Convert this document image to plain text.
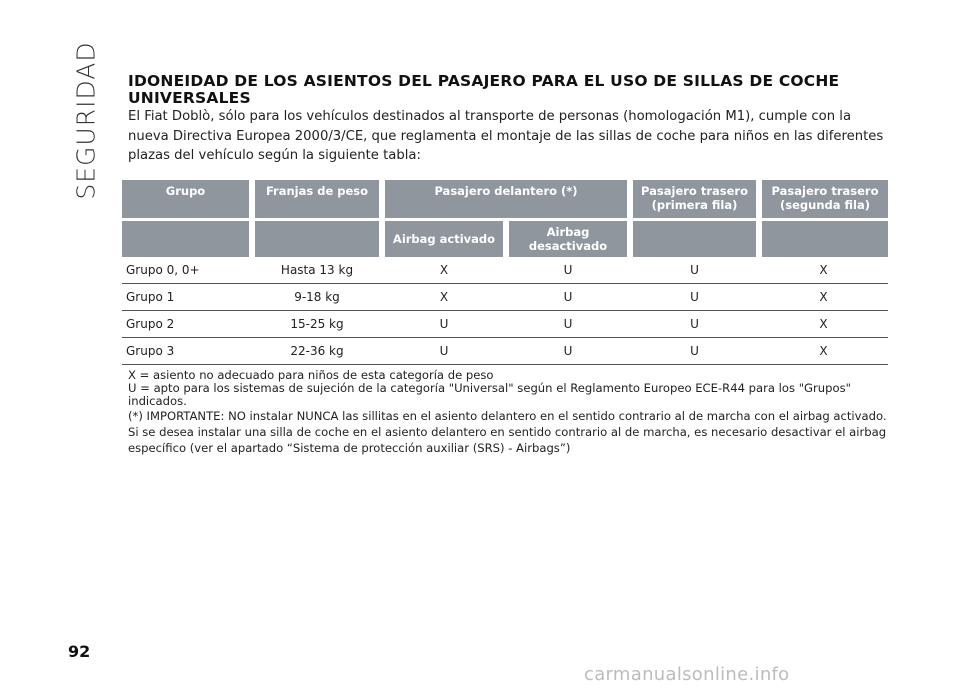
SEGURIDAD IDONEIDAD DE LOS ASIENTOS DEL PASAJERO PARA EL USO DE SILLAS DE COCHE UNIVERSALES

El Fiat Doblò, sólo para los vehículos destinados al transporte de personas (homologación M1), cumple con la nueva Directiva Europea 2000/3/CE, que reglamenta el montaje de las sillas de coche para niños en las diferentes plazas del vehículo según la siguiente tabla:

Grupo	Franjas de peso	Pasajero delantero (*)		Pasajero trasero (primera fila)	Pasajero trasero (segunda fila)
		Airbag activado	Airbag desactivado		
Grupo 0, 0+	Hasta 13 kg	X	U	U	X
Grupo 1	9-18 kg	X	U	U	X
Grupo 2	15-25 kg	U	U	U	X
Grupo 3	22-36 kg	U	U	U	X

X = asiento no adecuado para niños de esta categoría de peso

U = apto para los sistemas de sujeción de la categoría "Universal" según el Reglamento Europeo ECE-R44 para los "Grupos" indicados.

(*) IMPORTANTE: NO instalar NUNCA las sillitas en el asiento delantero en el sentido contrario al de marcha con el airbag activado. Si se desea instalar una silla de coche en el asiento delantero en sentido contrario al de marcha, es necesario desactivar el airbag específico (ver el apartado “Sistema de protección auxiliar (SRS) - Airbags”)

92
carmanualsonline.info
